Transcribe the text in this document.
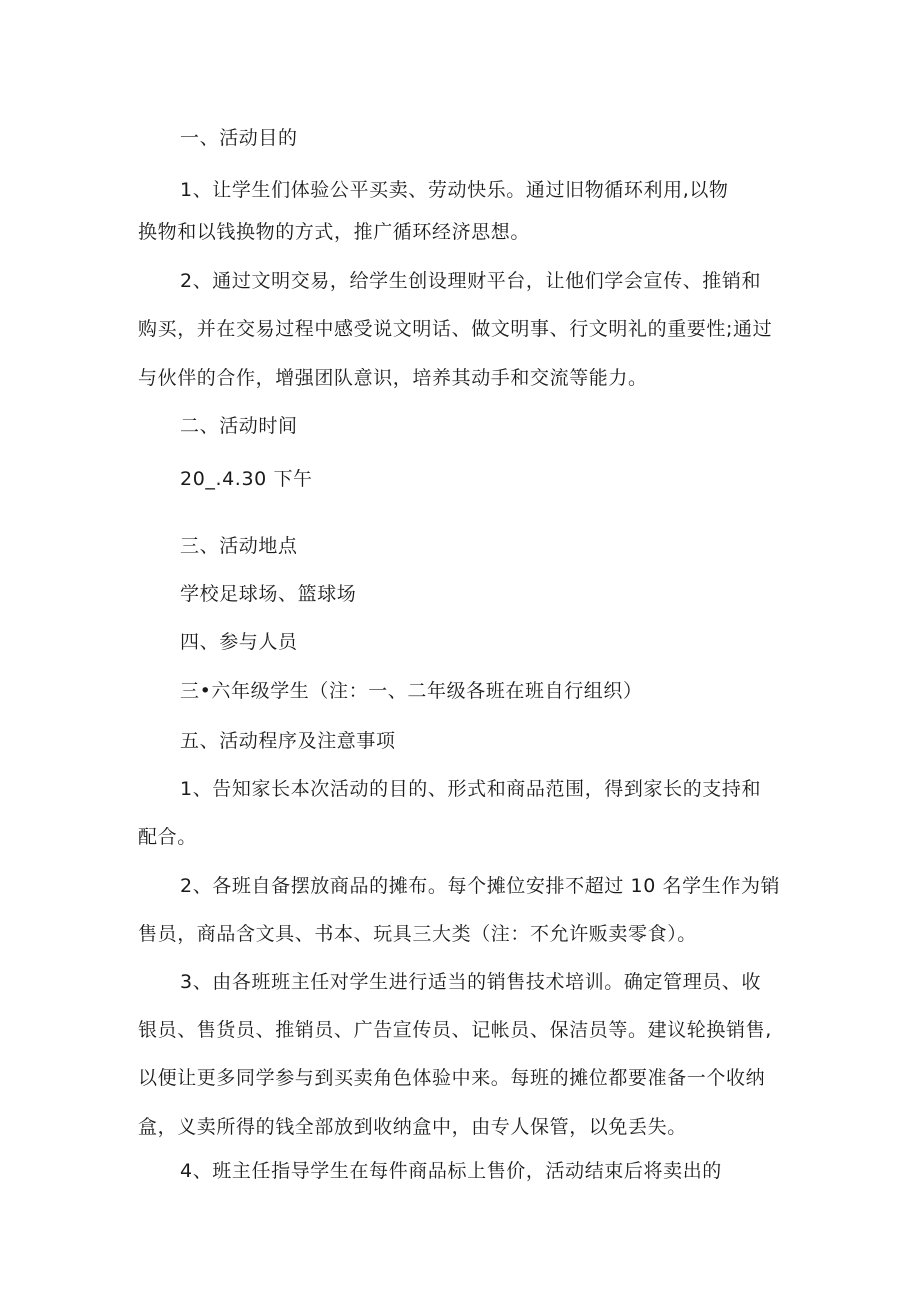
一、活动目的
1、让学生们体验公平买卖、劳动快乐。通过旧物循环利用,以物
换物和以钱换物的方式，推广循环经济思想。
2、通过文明交易，给学生创设理财平台，让他们学会宣传、推销和
购买，并在交易过程中感受说文明话、做文明事、行文明礼的重要性;通过
与伙伴的合作，增强团队意识，培养其动手和交流等能力。
二、活动时间
20_.4.30 下午
三、活动地点
学校足球场、篮球场
四、参与人员
三•六年级学生（注：一、二年级各班在班自行组织）
五、活动程序及注意事项
1、告知家长本次活动的目的、形式和商品范围，得到家长的支持和
配合。
2、各班自备摆放商品的摊布。每个摊位安排不超过 10 名学生作为销
售员，商品含文具、书本、玩具三大类（注：不允许贩卖零食）。
3、由各班班主任对学生进行适当的销售技术培训。确定管理员、收
银员、售货员、推销员、广告宣传员、记帐员、保洁员等。建议轮换销售,
以便让更多同学参与到买卖角色体验中来。每班的摊位都要准备一个收纳
盒，义卖所得的钱全部放到收纳盒中，由专人保管，以免丢失。
4、班主任指导学生在每件商品标上售价，活动结束后将卖出的
